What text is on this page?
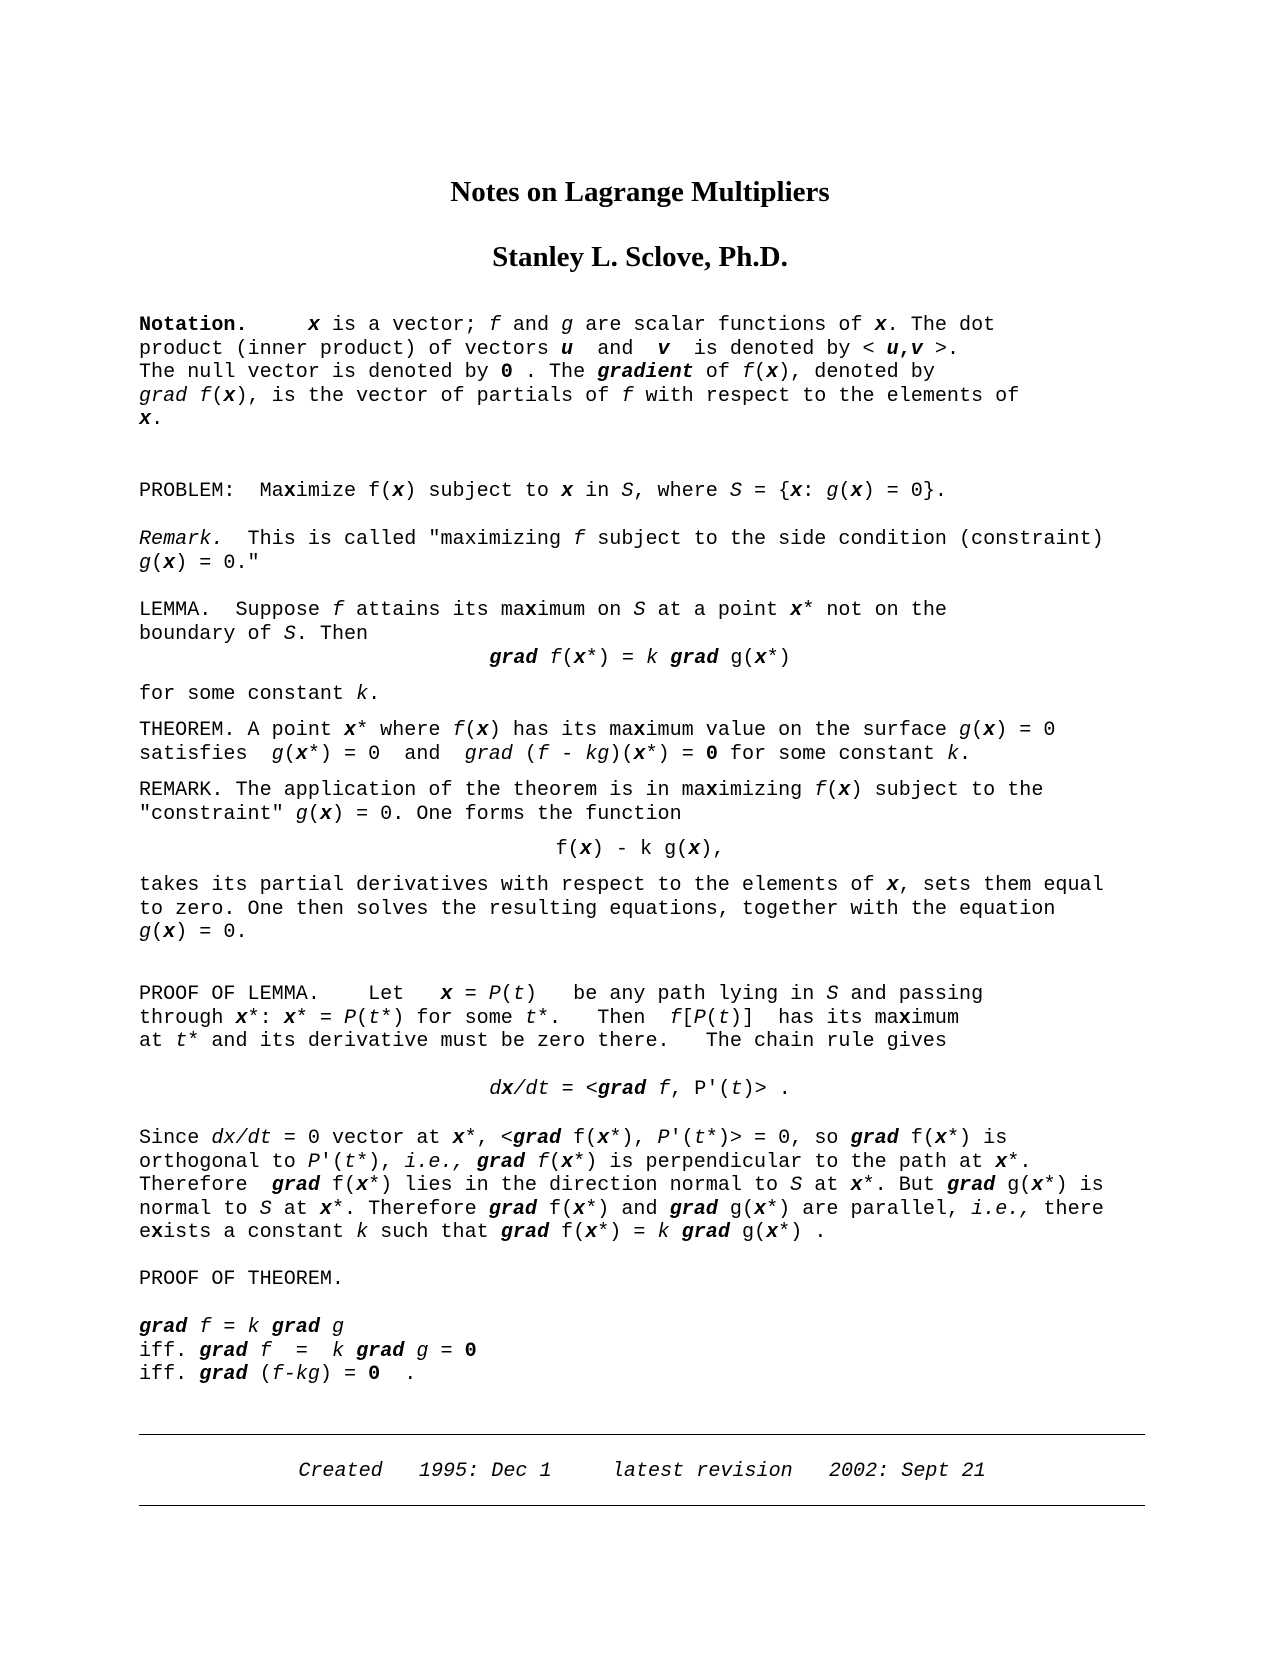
Notes on Lagrange Multipliers
Stanley L. Sclove, Ph.D.
Notation.	x is a vector; f and g are scalar functions of x. The dot
product (inner product) of vectors u  and  v  is denoted by < u,v >.
The null vector is denoted by 0 . The gradient of f(x), denoted by
grad f(x), is the vector of partials of f with respect to the elements of
x.
PROBLEM:  Maximize f(x) subject to x in S, where S = {x: g(x) = 0}.
Remark.  This is called "maximizing f subject to the side condition (constraint)
g(x) = 0."
LEMMA.  Suppose f attains its maximum on S at a point x* not on the
boundary of S. Then
grad f(x*) = k grad g(x*)
for some constant k.
THEOREM. A point x* where f(x) has its maximum value on the surface g(x) = 0
satisfies  g(x*) = 0  and  grad (f - kg)(x*) = 0 for some constant k.
REMARK. The application of the theorem is in maximizing f(x) subject to the
"constraint" g(x) = 0. One forms the function
f(x) - k g(x),
takes its partial derivatives with respect to the elements of x, sets them equal
to zero. One then solves the resulting equations, together with the equation
g(x) = 0.
PROOF OF LEMMA.    Let   x = P(t)   be any path lying in S and passing
through x*: x* = P(t*) for some t*.   Then  f[P(t)]  has its maximum
at t* and its derivative must be zero there.   The chain rule gives
dx/dt = <grad f, P'(t)> .
Since dx/dt = 0 vector at x*, <grad f(x*), P'(t*)> = 0, so grad f(x*) is
orthogonal to P'(t*), i.e., grad f(x*) is perpendicular to the path at x*.
Therefore  grad f(x*) lies in the direction normal to S at x*. But grad g(x*) is
normal to S at x*. Therefore grad f(x*) and grad g(x*) are parallel, i.e., there
exists a constant k such that grad f(x*) = k grad g(x*) .
PROOF OF THEOREM.
grad f = k grad g
iff. grad f  =  k grad g = 0
iff. grad (f-kg) = 0  .
Created 1995: Dec 1	latest revision 2002: Sept 21
